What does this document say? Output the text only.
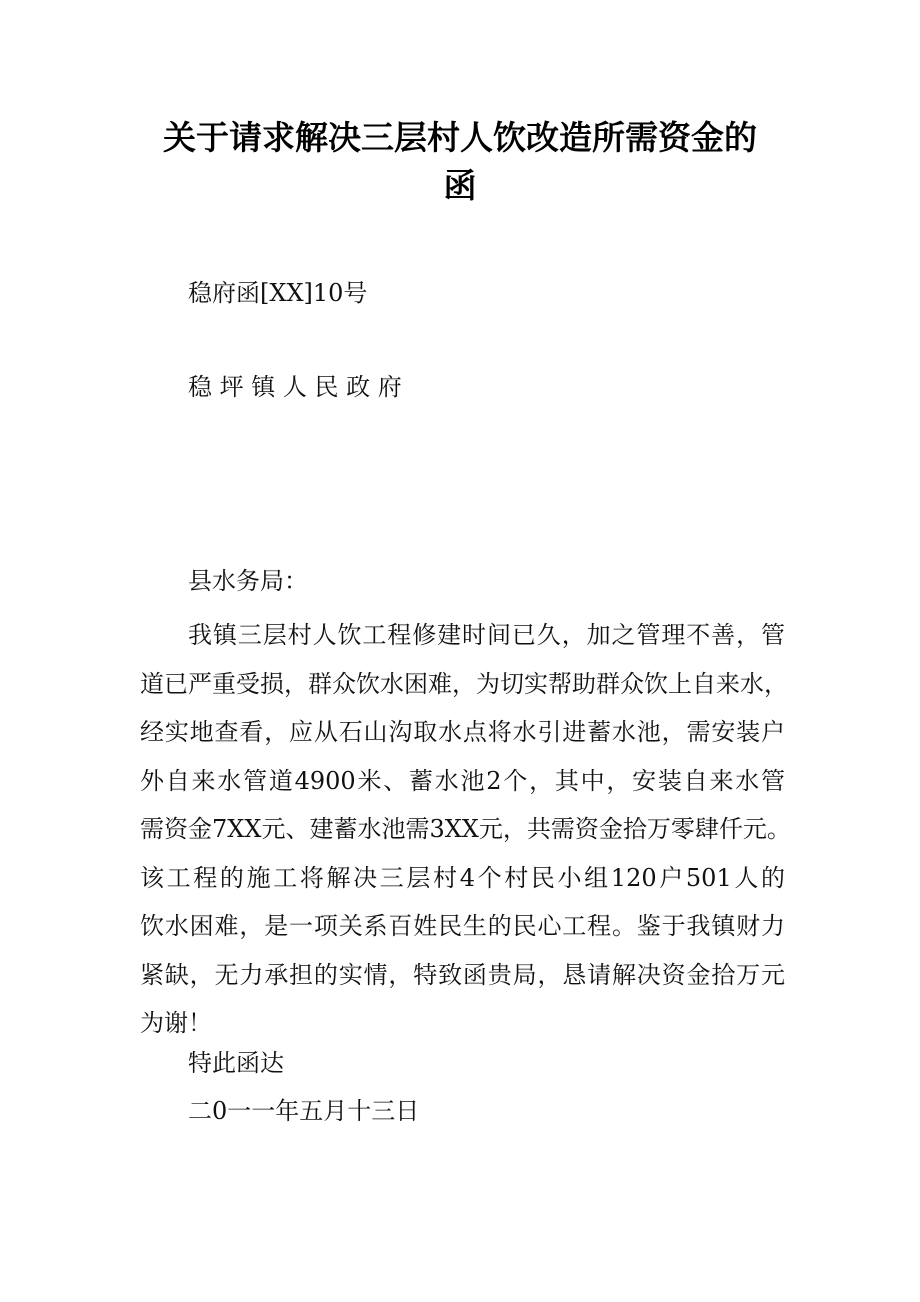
关于请求解决三层村人饮改造所需资金的
函
稳府函[XX]10号
稳 坪 镇 人 民 政 府
县水务局：
我镇三层村人饮工程修建时间已久，加之管理不善，管
道已严重受损，群众饮水困难，为切实帮助群众饮上自来水，
经实地查看，应从石山沟取水点将水引进蓄水池，需安装户
外自来水管道4900米、蓄水池2个，其中，安装自来水管
需资金7XX元、建蓄水池需3XX元，共需资金拾万零肆仟元。
该工程的施工将解决三层村4个村民小组120户501人的
饮水困难，是一项关系百姓民生的民心工程。鉴于我镇财力
紧缺，无力承担的实情，特致函贵局，恳请解决资金拾万元
为谢！
特此函达
二0一一年五月十三日
